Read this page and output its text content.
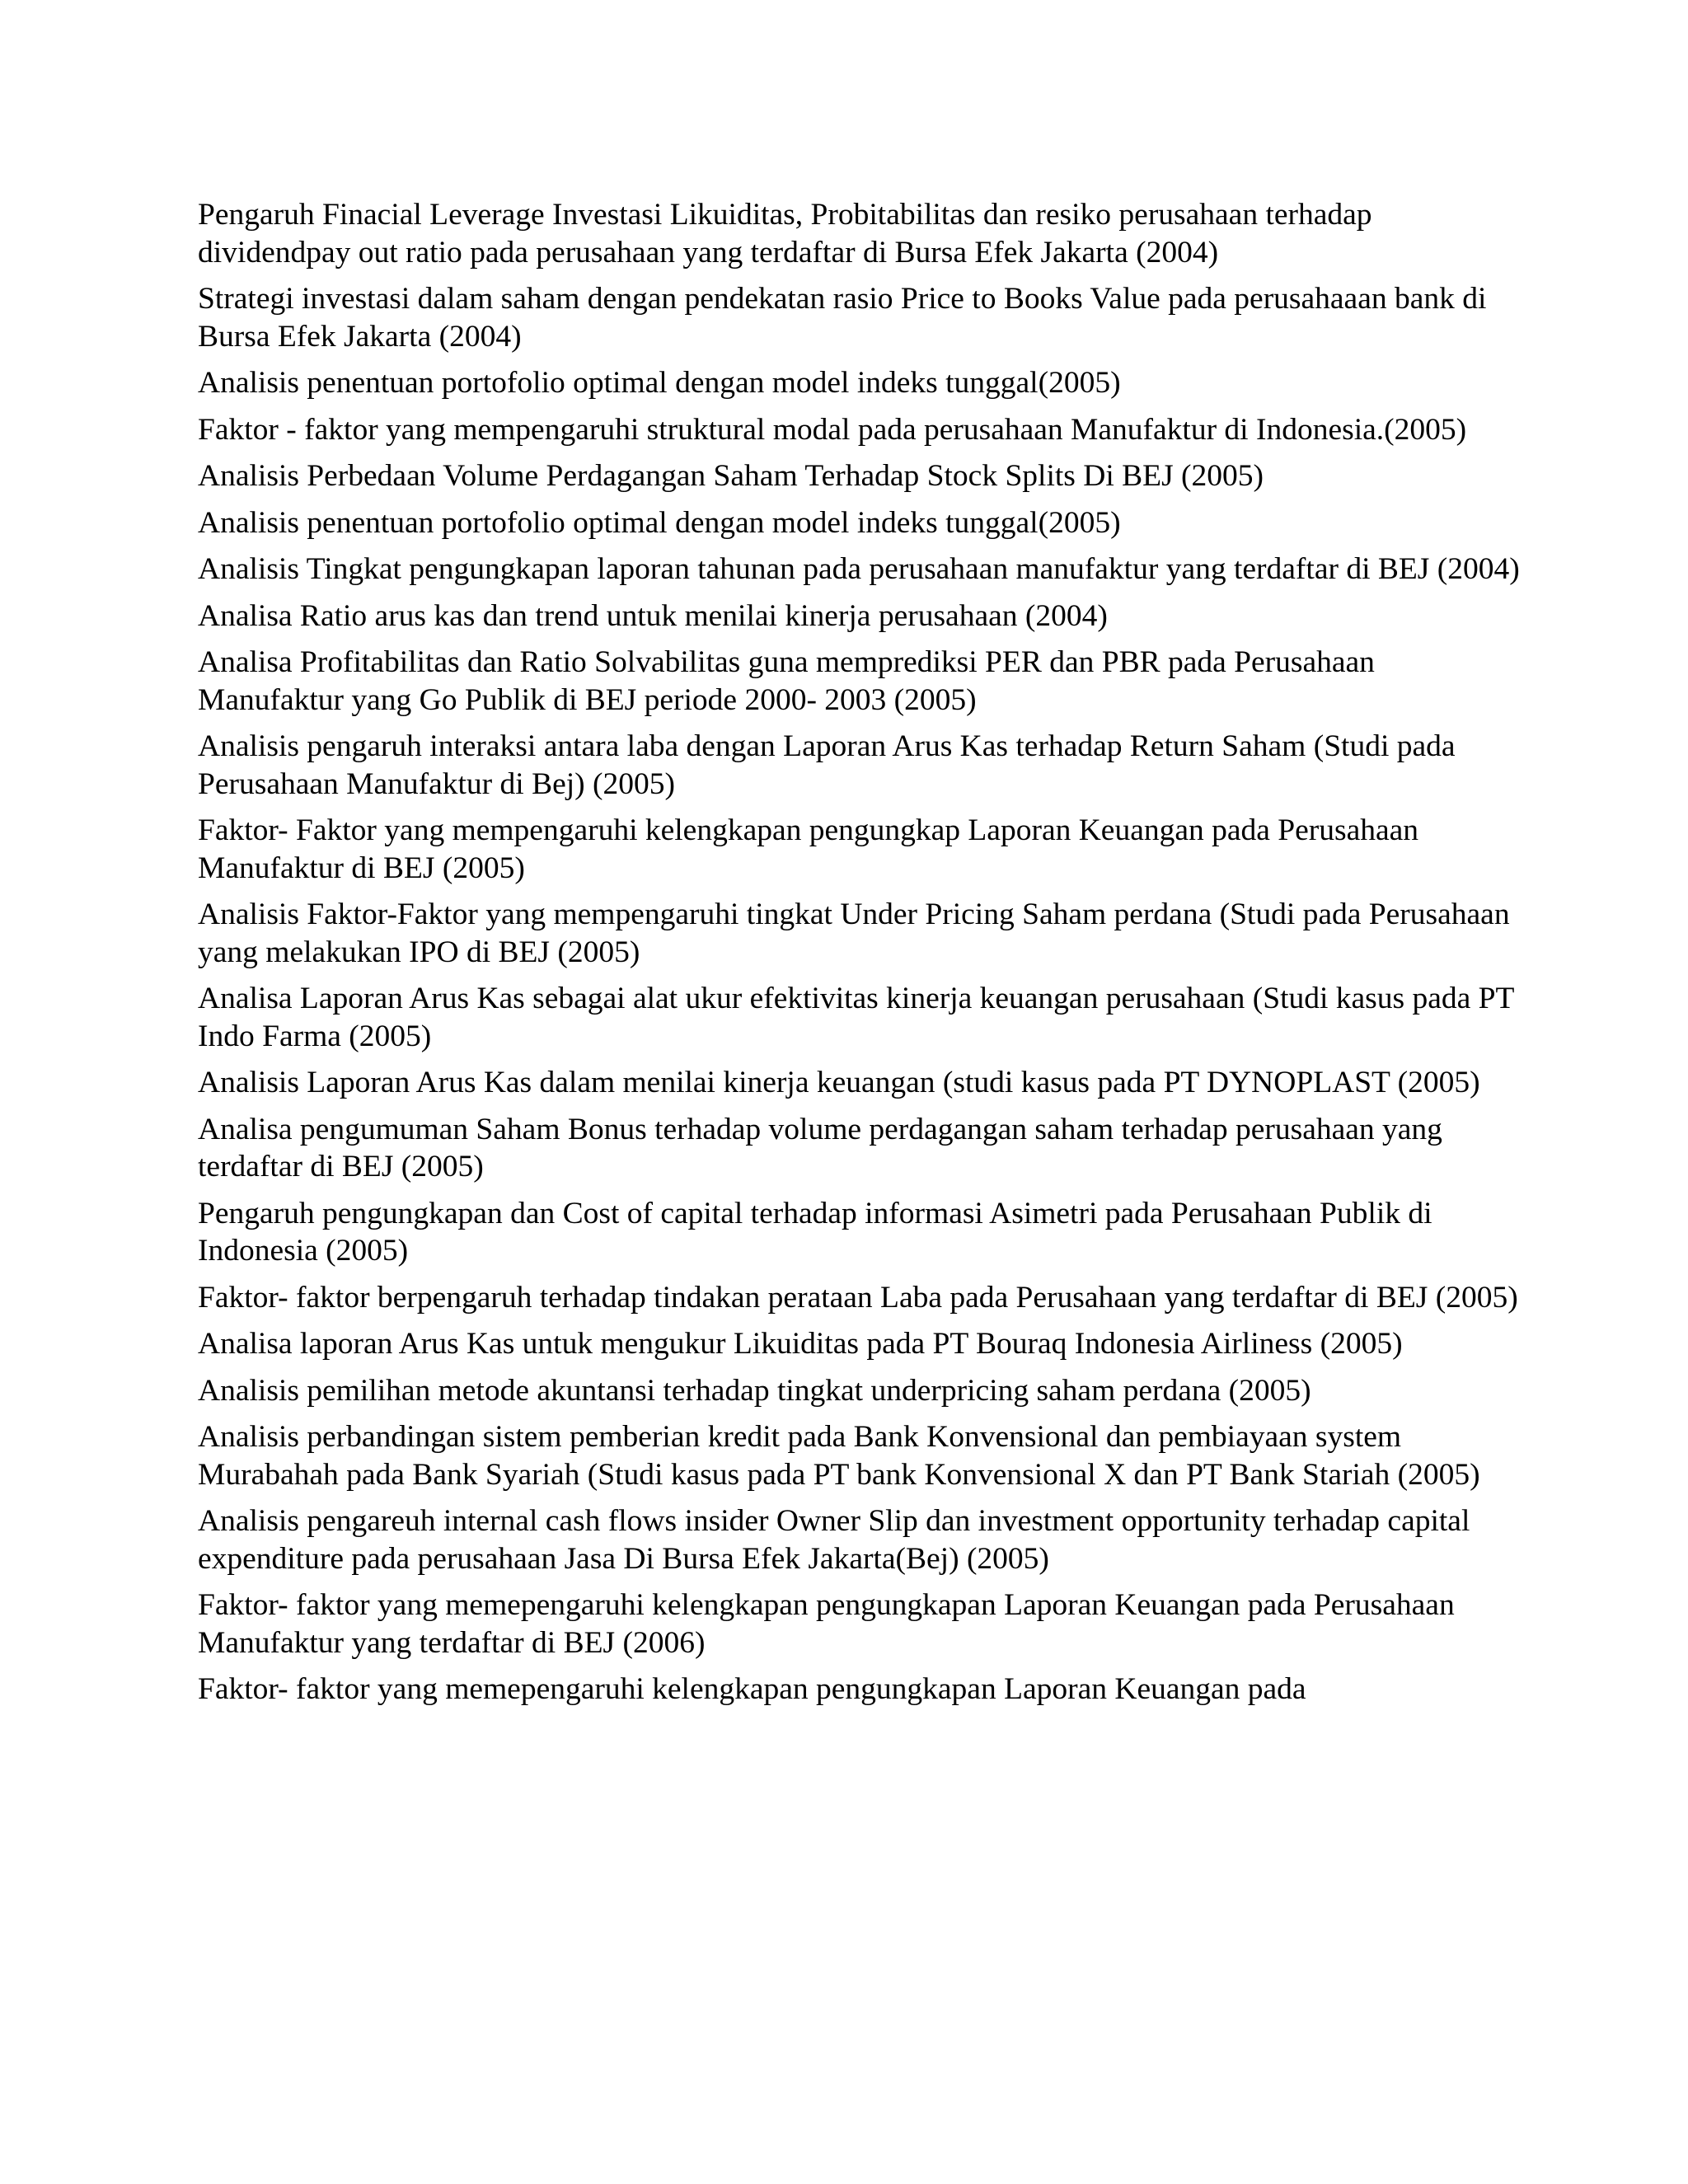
Pengaruh Finacial Leverage Investasi Likuiditas, Probitabilitas dan resiko perusahaan terhadap dividendpay out ratio pada perusahaan yang terdaftar di Bursa Efek Jakarta (2004)

Strategi investasi dalam saham dengan pendekatan rasio Price to Books Value pada perusahaaan bank di Bursa Efek Jakarta (2004)

Analisis penentuan portofolio optimal dengan model indeks tunggal(2005)

Faktor - faktor yang mempengaruhi struktural modal pada perusahaan Manufaktur di Indonesia.(2005)

Analisis Perbedaan Volume Perdagangan Saham Terhadap Stock Splits Di BEJ (2005)

Analisis penentuan portofolio optimal dengan model indeks tunggal(2005)

Analisis Tingkat pengungkapan laporan tahunan pada perusahaan manufaktur yang terdaftar di BEJ (2004)

Analisa Ratio arus kas dan trend untuk menilai kinerja perusahaan (2004)

Analisa Profitabilitas dan Ratio Solvabilitas guna memprediksi PER dan PBR pada Perusahaan Manufaktur yang Go Publik di BEJ periode 2000- 2003 (2005)

Analisis pengaruh interaksi antara laba dengan Laporan Arus Kas terhadap Return Saham (Studi pada Perusahaan Manufaktur di Bej) (2005)

Faktor- Faktor yang mempengaruhi kelengkapan pengungkap Laporan Keuangan pada Perusahaan Manufaktur di BEJ (2005)

Analisis Faktor-Faktor yang mempengaruhi tingkat Under Pricing Saham perdana (Studi pada Perusahaan yang melakukan IPO di BEJ (2005)

Analisa Laporan Arus Kas sebagai alat ukur efektivitas kinerja keuangan perusahaan (Studi kasus pada PT Indo Farma (2005)

Analisis Laporan Arus Kas dalam menilai kinerja keuangan (studi kasus pada PT DYNOPLAST (2005)

Analisa pengumuman Saham Bonus terhadap volume perdagangan saham terhadap perusahaan yang terdaftar di BEJ (2005)

Pengaruh pengungkapan dan Cost of capital terhadap informasi Asimetri pada Perusahaan Publik di Indonesia (2005)

Faktor- faktor berpengaruh terhadap tindakan perataan Laba pada Perusahaan yang terdaftar di BEJ (2005)

Analisa laporan Arus Kas untuk mengukur Likuiditas pada PT Bouraq Indonesia Airliness (2005)

Analisis pemilihan metode akuntansi terhadap tingkat underpricing saham perdana (2005)

Analisis perbandingan sistem pemberian kredit pada Bank Konvensional dan pembiayaan system Murabahah pada Bank Syariah (Studi kasus pada PT bank Konvensional X dan PT Bank Stariah (2005)

Analisis pengareuh internal cash flows insider Owner Slip dan investment opportunity terhadap capital expenditure pada perusahaan Jasa Di Bursa Efek Jakarta(Bej) (2005)

Faktor- faktor yang memepengaruhi kelengkapan pengungkapan Laporan Keuangan pada Perusahaan Manufaktur yang terdaftar di BEJ (2006)

Faktor- faktor yang memepengaruhi kelengkapan pengungkapan Laporan Keuangan pada
